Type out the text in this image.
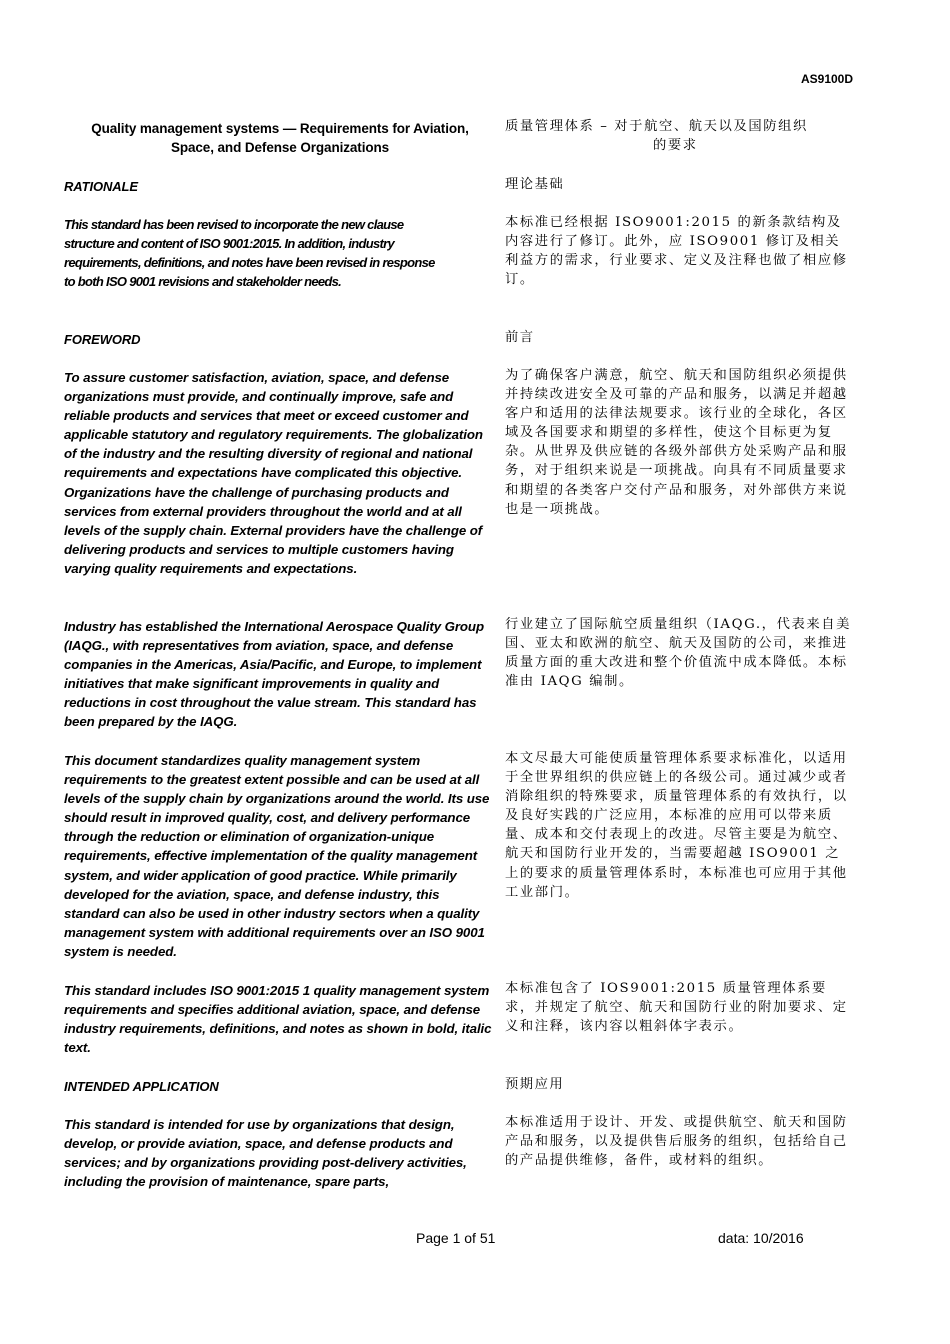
AS9100D
Quality management systems — Requirements for Aviation, Space, and Defense Organizations
质量管理体系 – 对于航空、航天以及国防组织
的要求
RATIONALE	理论基础
This standard has been revised to incorporate the new clause structure and content of ISO 9001:2015. In addition, industry requirements, definitions, and notes have been revised in response to both ISO 9001 revisions and stakeholder needs.
本标准已经根据 ISO9001:2015 的新条款结构及内容进行了修订。此外，应 ISO9001 修订及相关利益方的需求，行业要求、定义及注释也做了相应修订。
FOREWORD	前言
To assure customer satisfaction, aviation, space, and defense organizations must provide, and continually improve, safe and reliable products and services that meet or exceed customer and applicable statutory and regulatory requirements. The globalization of the industry and the resulting diversity of regional and national requirements and expectations have complicated this objective. Organizations have the challenge of purchasing products and services from external providers throughout the world and at all levels of the supply chain. External providers have the challenge of delivering products and services to multiple customers having varying quality requirements and expectations.
为了确保客户满意，航空、航天和国防组织必须提供并持续改进安全及可靠的产品和服务，以满足并超越客户和适用的法律法规要求。该行业的全球化，各区域及各国要求和期望的多样性，使这个目标更为复杂。从世界及供应链的各级外部供方处采购产品和服务，对于组织来说是一项挑战。向具有不同质量要求和期望的各类客户交付产品和服务，对外部供方来说也是一项挑战。
Industry has established the International Aerospace Quality Group (IAQG., with representatives from aviation, space, and defense companies in the Americas, Asia/Pacific, and Europe, to implement initiatives that make significant improvements in quality and reductions in cost throughout the value stream. This standard has been prepared by the IAQG.
行业建立了国际航空质量组织（IAQG.，代表来自美国、亚太和欧洲的航空、航天及国防的公司，来推进质量方面的重大改进和整个价值流中成本降低。本标准由 IAQG 编制。
This document standardizes quality management system requirements to the greatest extent possible and can be used at all levels of the supply chain by organizations around the world. Its use should result in improved quality, cost, and delivery performance through the reduction or elimination of organization-unique requirements, effective implementation of the quality management system, and wider application of good practice. While primarily developed for the aviation, space, and defense industry, this standard can also be used in other industry sectors when a quality management system with additional requirements over an ISO 9001 system is needed.
本文尽最大可能使质量管理体系要求标准化，以适用于全世界组织的供应链上的各级公司。通过减少或者消除组织的特殊要求，质量管理体系的有效执行，以及良好实践的广泛应用，本标准的应用可以带来质量、成本和交付表现上的改进。尽管主要是为航空、航天和国防行业开发的，当需要超越 ISO9001 之上的要求的质量管理体系时，本标准也可应用于其他工业部门。
This standard includes ISO 9001:2015 1 quality management system requirements and specifies additional aviation, space, and defense industry requirements, definitions, and notes as shown in bold, italic text.
本标准包含了 IOS9001:2015 质量管理体系要求，并规定了航空、航天和国防行业的附加要求、定义和注释，该内容以粗斜体字表示。
INTENDED APPLICATION	预期应用
This standard is intended for use by organizations that design, develop, or provide aviation, space, and defense products and services; and by organizations providing post-delivery activities, including the provision of maintenance, spare parts,
本标准适用于设计、开发、或提供航空、航天和国防产品和服务，以及提供售后服务的组织，包括给自己的产品提供维修，备件，或材料的组织。
Page 1 of 51	data: 10/2016
